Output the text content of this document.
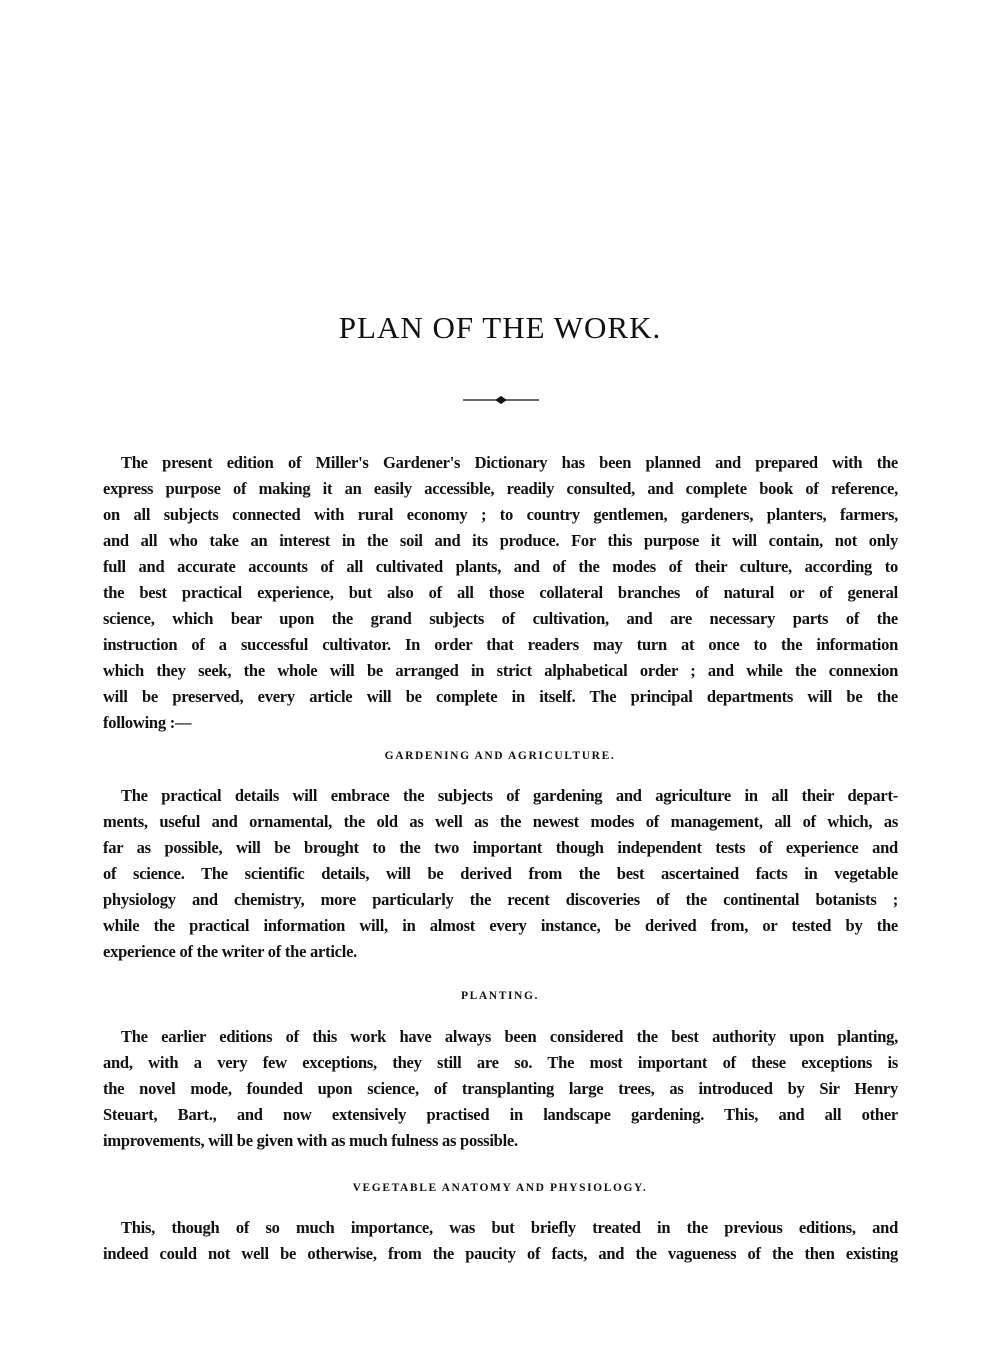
PLAN OF THE WORK.
The present edition of Miller's Gardener's Dictionary has been planned and prepared with the
express purpose of making it an easily accessible, readily consulted, and complete book of reference,
on all subjects connected with rural economy ; to country gentlemen, gardeners, planters, farmers,
and all who take an interest in the soil and its produce. For this purpose it will contain, not only
full and accurate accounts of all cultivated plants, and of the modes of their culture, according to
the best practical experience, but also of all those collateral branches of natural or of general
science, which bear upon the grand subjects of cultivation, and are necessary parts of the
instruction of a successful cultivator. In order that readers may turn at once to the information
which they seek, the whole will be arranged in strict alphabetical order ; and while the connexion
will be preserved, every article will be complete in itself. The principal departments will be the
following :—
GARDENING AND AGRICULTURE.
The practical details will embrace the subjects of gardening and agriculture in all their depart-
ments, useful and ornamental, the old as well as the newest modes of management, all of which, as
far as possible, will be brought to the two important though independent tests of experience and
of science. The scientific details, will be derived from the best ascertained facts in vegetable
physiology and chemistry, more particularly the recent discoveries of the continental botanists ;
while the practical information will, in almost every instance, be derived from, or tested by the
experience of the writer of the article.
PLANTING.
The earlier editions of this work have always been considered the best authority upon planting,
and, with a very few exceptions, they still are so. The most important of these exceptions is
the novel mode, founded upon science, of transplanting large trees, as introduced by Sir Henry
Steuart, Bart., and now extensively practised in landscape gardening. This, and all other
improvements, will be given with as much fulness as possible.
VEGETABLE ANATOMY AND PHYSIOLOGY.
This, though of so much importance, was but briefly treated in the previous editions, and
indeed could not well be otherwise, from the paucity of facts, and the vagueness of the then existing
